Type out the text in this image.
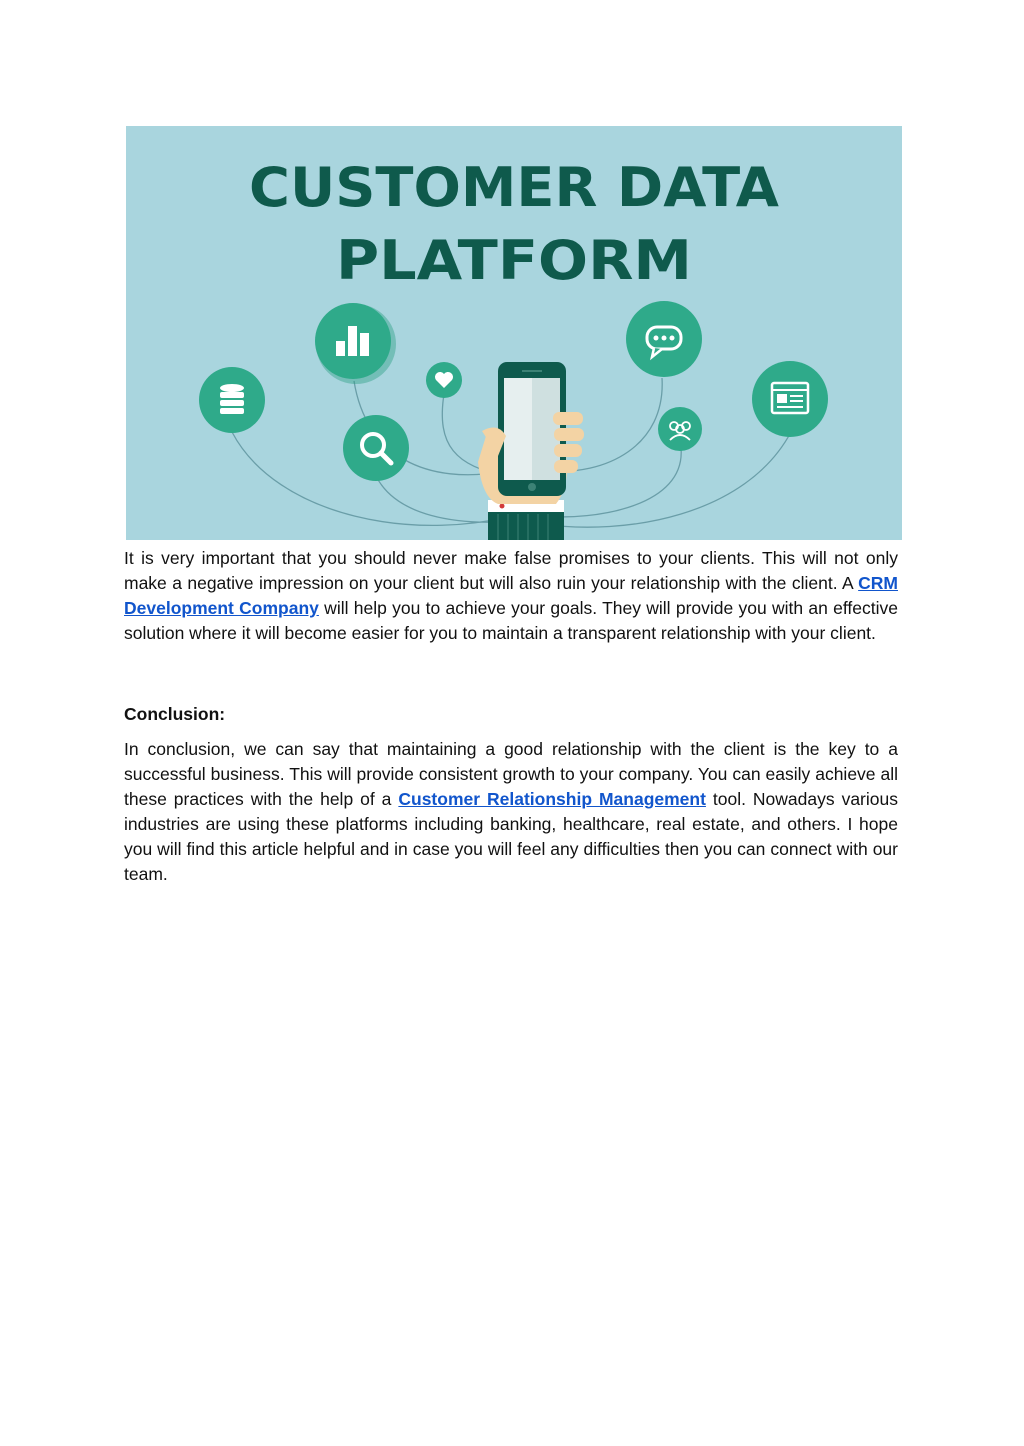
CUSTOMER DATA
PLATFORM

It is very important that you should never make false promises to your clients. This will not only make a negative impression on your client but will also ruin your relationship with the client. A CRM Development Company will help you to achieve your goals. They will provide you with an effective solution where it will become easier for you to maintain a transparent relationship with your client.

Conclusion:

In conclusion, we can say that maintaining a good relationship with the client is the key to a successful business. This will provide consistent growth to your company. You can easily achieve all these practices with the help of a Customer Relationship Management tool. Nowadays various industries are using these platforms including banking, healthcare, real estate, and others. I hope you will find this article helpful and in case you will feel any difficulties then you can connect with our team.
